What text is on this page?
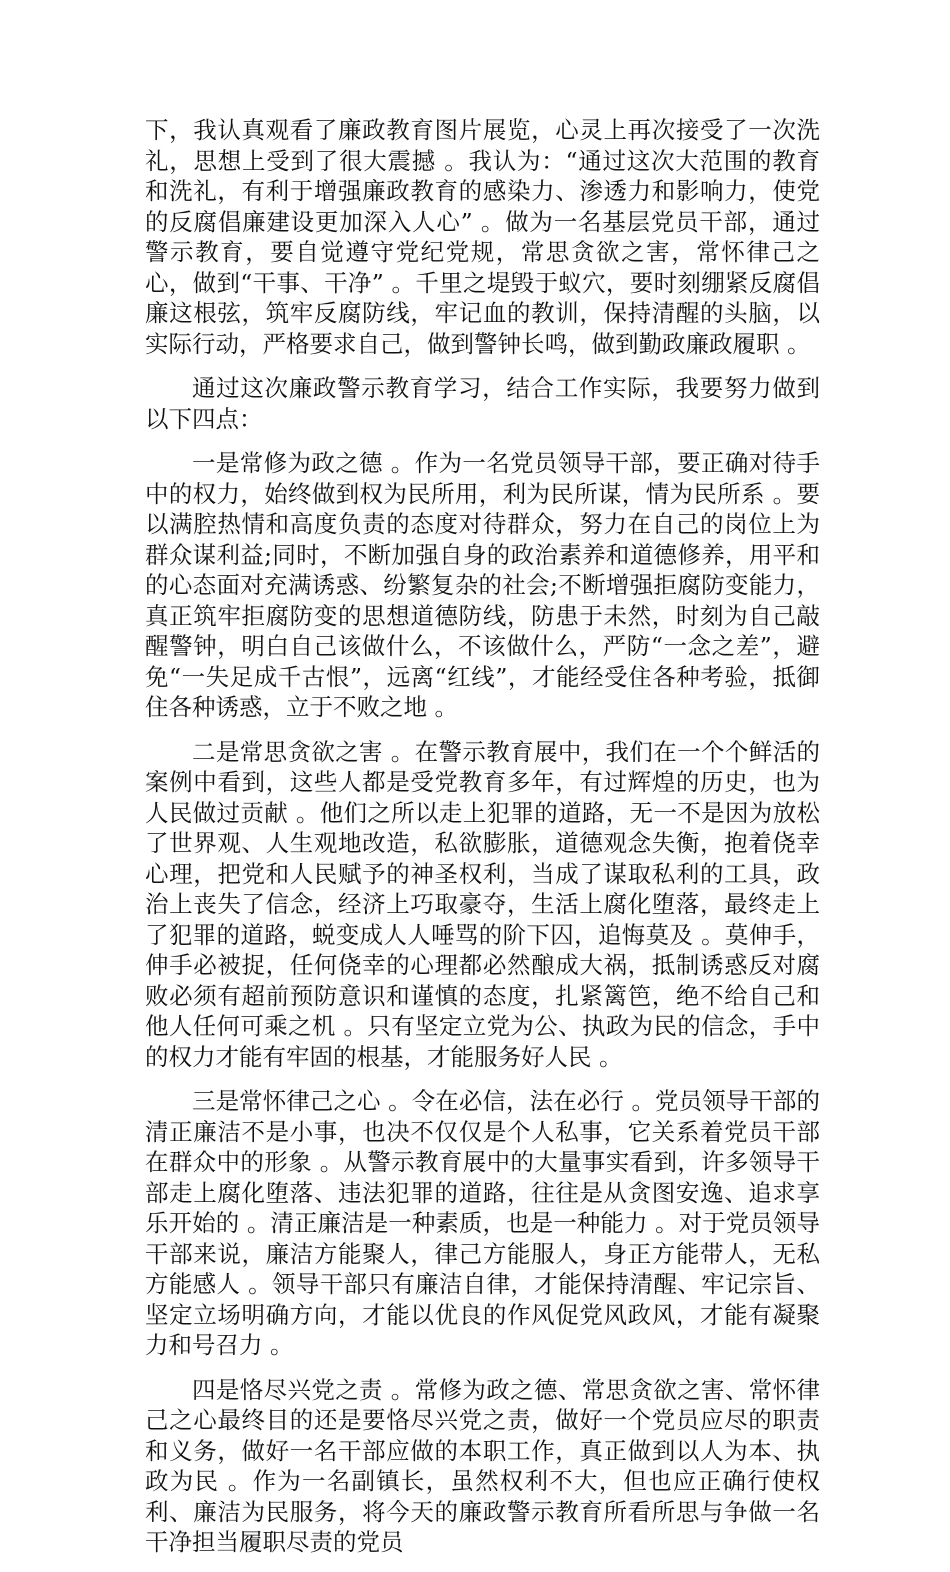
下，我认真观看了廉政教育图片展览，心灵上再次接受了一次洗礼，思想上受到了很大震撼 。我认为：“通过这次大范围的教育和洗礼，有利于增强廉政教育的感染力、渗透力和影响力，使党的反腐倡廉建设更加深入人心” 。做为一名基层党员干部，通过警示教育，要自觉遵守党纪党规，常思贪欲之害，常怀律己之心，做到“干事、干净” 。千里之堤毁于蚁穴，要时刻绷紧反腐倡廉这根弦，筑牢反腐防线，牢记血的教训，保持清醒的头脑，以实际行动，严格要求自己，做到警钟长鸣，做到勤政廉政履职 。

通过这次廉政警示教育学习，结合工作实际，我要努力做到以下四点：

一是常修为政之德 。作为一名党员领导干部，要正确对待手中的权力，始终做到权为民所用，利为民所谋，情为民所系 。要以满腔热情和高度负责的态度对待群众，努力在自己的岗位上为群众谋利益;同时，不断加强自身的政治素养和道德修养，用平和的心态面对充满诱惑、纷繁复杂的社会;不断增强拒腐防变能力，真正筑牢拒腐防变的思想道德防线，防患于未然，时刻为自己敲醒警钟，明白自己该做什么，不该做什么，严防“一念之差”，避免“一失足成千古恨”，远离“红线”，才能经受住各种考验，抵御住各种诱惑，立于不败之地 。

二是常思贪欲之害 。在警示教育展中，我们在一个个鲜活的案例中看到，这些人都是受党教育多年，有过辉煌的历史，也为人民做过贡献 。他们之所以走上犯罪的道路，无一不是因为放松了世界观、人生观地改造，私欲膨胀，道德观念失衡，抱着侥幸心理，把党和人民赋予的神圣权利，当成了谋取私利的工具，政治上丧失了信念，经济上巧取豪夺，生活上腐化堕落，最终走上了犯罪的道路，蜕变成人人唾骂的阶下囚，追悔莫及 。莫伸手，伸手必被捉，任何侥幸的心理都必然酿成大祸，抵制诱惑反对腐败必须有超前预防意识和谨慎的态度，扎紧篱笆，绝不给自己和他人任何可乘之机 。只有坚定立党为公、执政为民的信念，手中的权力才能有牢固的根基，才能服务好人民 。

三是常怀律己之心 。令在必信，法在必行 。党员领导干部的清正廉洁不是小事，也决不仅仅是个人私事，它关系着党员干部在群众中的形象 。从警示教育展中的大量事实看到，许多领导干部走上腐化堕落、违法犯罪的道路，往往是从贪图安逸、追求享乐开始的 。清正廉洁是一种素质，也是一种能力 。对于党员领导干部来说，廉洁方能聚人，律己方能服人，身正方能带人，无私方能感人 。领导干部只有廉洁自律，才能保持清醒、牢记宗旨、坚定立场明确方向，才能以优良的作风促党风政风，才能有凝聚力和号召力 。

四是恪尽兴党之责 。常修为政之德、常思贪欲之害、常怀律己之心最终目的还是要恪尽兴党之责，做好一个党员应尽的职责和义务，做好一名干部应做的本职工作，真正做到以人为本、执政为民 。作为一名副镇长，虽然权利不大，但也应正确行使权利、廉洁为民服务，将今天的廉政警示教育所看所思与争做一名干净担当履职尽责的党员
